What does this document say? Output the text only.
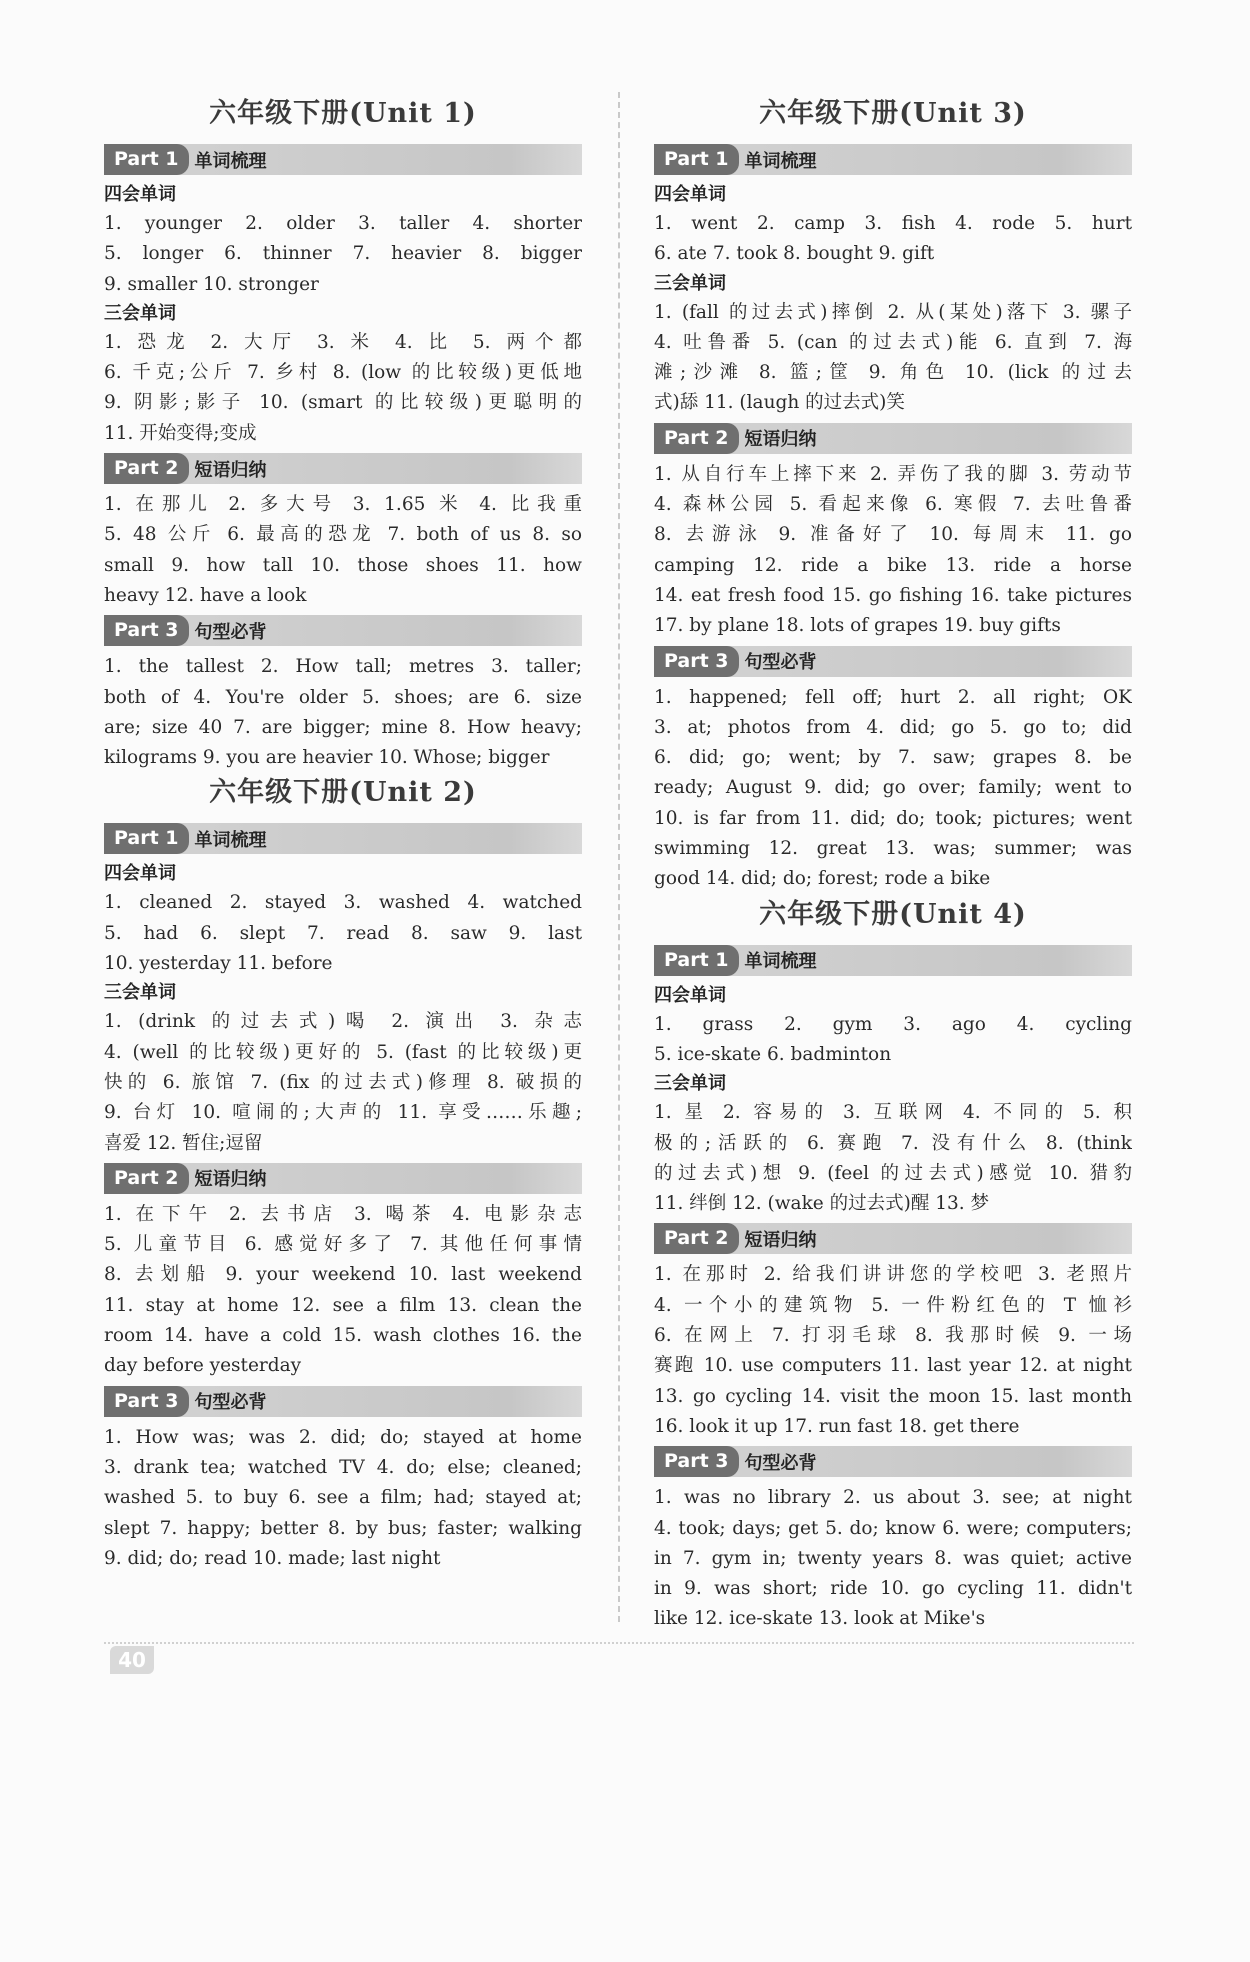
六年级下册(Unit 1)
Part 1 单词梳理
四会单词
1. younger 2. older 3. taller 4. shorter
5. longer 6. thinner 7. heavier 8. bigger
9. smaller 10. stronger
三会单词
1. 恐龙 2. 大厅 3. 米 4. 比 5. 两个都
6. 千克;公斤 7. 乡村 8. (low 的比较级)更低地
9. 阴影;影子 10. (smart 的比较级)更聪明的
11. 开始变得;变成
Part 2 短语归纳
1. 在那儿 2. 多大号 3. 1.65 米 4. 比我重
5. 48 公斤 6. 最高的恐龙 7. both of us 8. so
small 9. how tall 10. those shoes 11. how
heavy 12. have a look
Part 3 句型必背
1. the tallest 2. How tall; metres 3. taller;
both of 4. You're older 5. shoes; are 6. size
are; size 40 7. are bigger; mine 8. How heavy;
kilograms 9. you are heavier 10. Whose; bigger
六年级下册(Unit 2)
Part 1 单词梳理
四会单词
1. cleaned 2. stayed 3. washed 4. watched
5. had 6. slept 7. read 8. saw 9. last
10. yesterday 11. before
三会单词
1. (drink 的过去式)喝 2. 演出 3. 杂志
4. (well 的比较级)更好的 5. (fast 的比较级)更
快的 6. 旅馆 7. (fix 的过去式)修理 8. 破损的
9. 台灯 10. 喧闹的;大声的 11. 享受……乐趣;
喜爱 12. 暂住;逗留
Part 2 短语归纳
1. 在下午 2. 去书店 3. 喝茶 4. 电影杂志
5. 儿童节目 6. 感觉好多了 7. 其他任何事情
8. 去划船 9. your weekend 10. last weekend
11. stay at home 12. see a film 13. clean the
room 14. have a cold 15. wash clothes 16. the
day before yesterday
Part 3 句型必背
1. How was; was 2. did; do; stayed at home
3. drank tea; watched TV 4. do; else; cleaned;
washed 5. to buy 6. see a film; had; stayed at;
slept 7. happy; better 8. by bus; faster; walking
9. did; do; read 10. made; last night
六年级下册(Unit 3)
Part 1 单词梳理
四会单词
1. went 2. camp 3. fish 4. rode 5. hurt
6. ate 7. took 8. bought 9. gift
三会单词
1. (fall 的过去式)摔倒 2. 从(某处)落下 3. 骡子
4. 吐鲁番 5. (can 的过去式)能 6. 直到 7. 海
滩;沙滩 8. 篮;筐 9. 角色 10. (lick 的过去
式)舔 11. (laugh 的过去式)笑
Part 2 短语归纳
1. 从自行车上摔下来 2. 弄伤了我的脚 3. 劳动节
4. 森林公园 5. 看起来像 6. 寒假 7. 去吐鲁番
8. 去游泳 9. 准备好了 10. 每周末 11. go
camping 12. ride a bike 13. ride a horse
14. eat fresh food 15. go fishing 16. take pictures
17. by plane 18. lots of grapes 19. buy gifts
Part 3 句型必背
1. happened; fell off; hurt 2. all right; OK
3. at; photos from 4. did; go 5. go to; did
6. did; go; went; by 7. saw; grapes 8. be
ready; August 9. did; go over; family; went to
10. is far from 11. did; do; took; pictures; went
swimming 12. great 13. was; summer; was
good 14. did; do; forest; rode a bike
六年级下册(Unit 4)
Part 1 单词梳理
四会单词
1. grass 2. gym 3. ago 4. cycling
5. ice-skate 6. badminton
三会单词
1. 星 2. 容易的 3. 互联网 4. 不同的 5. 积
极的;活跃的 6. 赛跑 7. 没有什么 8. (think
的过去式)想 9. (feel 的过去式)感觉 10. 猎豹
11. 绊倒 12. (wake 的过去式)醒 13. 梦
Part 2 短语归纳
1. 在那时 2. 给我们讲讲您的学校吧 3. 老照片
4. 一个小的建筑物 5. 一件粉红色的 T 恤衫
6. 在网上 7. 打羽毛球 8. 我那时候 9. 一场
赛跑 10. use computers 11. last year 12. at night
13. go cycling 14. visit the moon 15. last month
16. look it up 17. run fast 18. get there
Part 3 句型必背
1. was no library 2. us about 3. see; at night
4. took; days; get 5. do; know 6. were; computers;
in 7. gym in; twenty years 8. was quiet; active
in 9. was short; ride 10. go cycling 11. didn't
like 12. ice-skate 13. look at Mike's
40
